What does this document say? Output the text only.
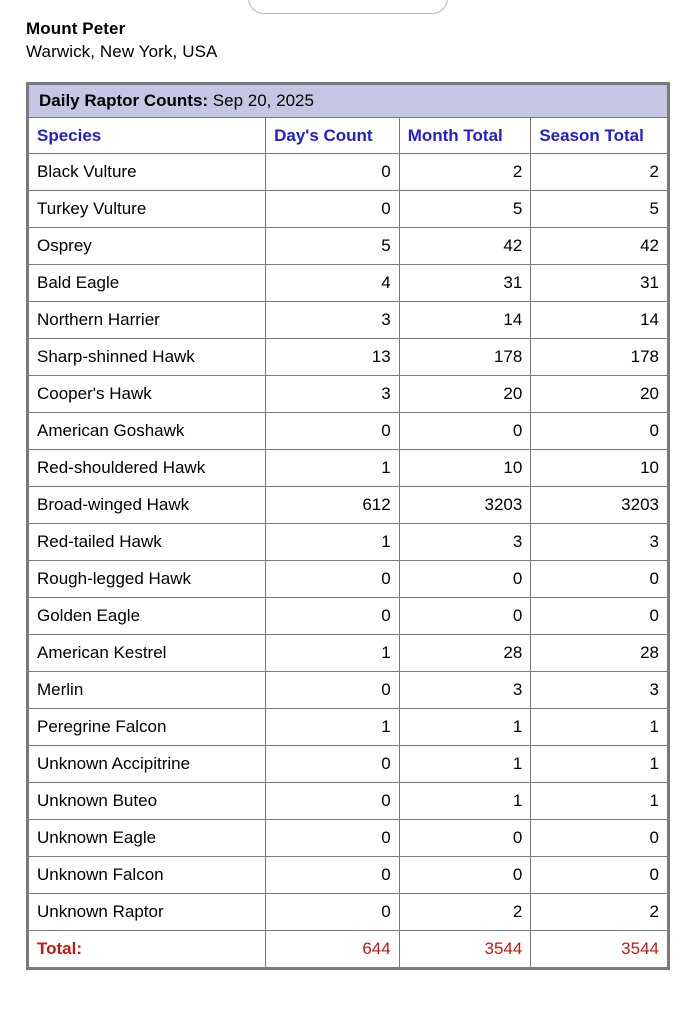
Mount Peter
Warwick, New York, USA
Daily Raptor Counts: Sep 20, 2025			
Species	Day's Count	Month Total	Season Total
Black Vulture	0	2	2
Turkey Vulture	0	5	5
Osprey	5	42	42
Bald Eagle	4	31	31
Northern Harrier	3	14	14
Sharp-shinned Hawk	13	178	178
Cooper's Hawk	3	20	20
American Goshawk	0	0	0
Red-shouldered Hawk	1	10	10
Broad-winged Hawk	612	3203	3203
Red-tailed Hawk	1	3	3
Rough-legged Hawk	0	0	0
Golden Eagle	0	0	0
American Kestrel	1	28	28
Merlin	0	3	3
Peregrine Falcon	1	1	1
Unknown Accipitrine	0	1	1
Unknown Buteo	0	1	1
Unknown Eagle	0	0	0
Unknown Falcon	0	0	0
Unknown Raptor	0	2	2
Total:	644	3544	3544
